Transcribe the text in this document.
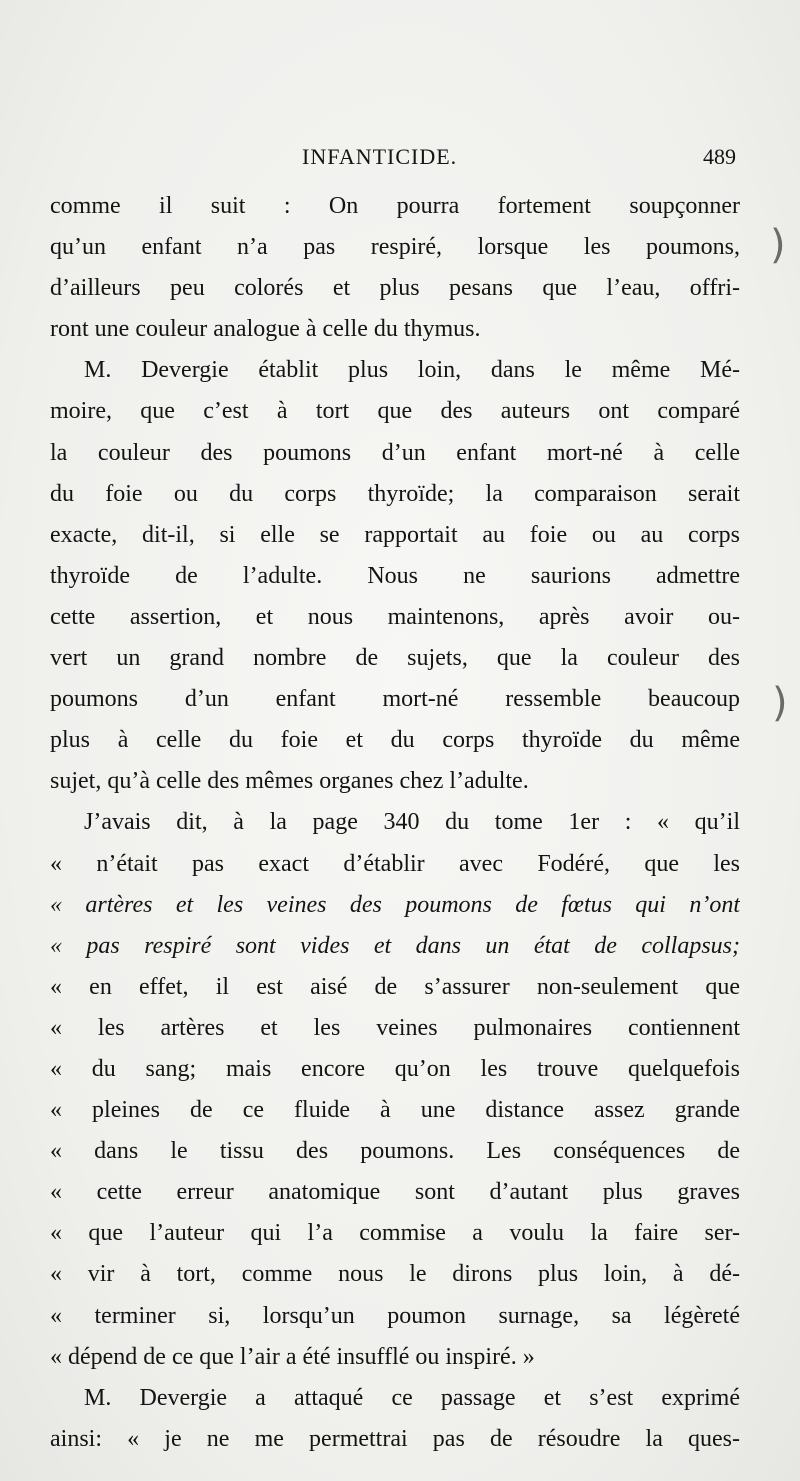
INFANTICIDE.	489
comme il suit : On pourra fortement soupçonner
qu’un enfant n’a pas respiré, lorsque les poumons,
d’ailleurs peu colorés et plus pesans que l’eau, offri-
ront une couleur analogue à celle du thymus.
M. Devergie établit plus loin, dans le même Mé-
moire, que c’est à tort que des auteurs ont comparé
la couleur des poumons d’un enfant mort-né à celle
du foie ou du corps thyroïde; la comparaison serait
exacte, dit-il, si elle se rapportait au foie ou au corps
thyroïde de l’adulte. Nous ne saurions admettre
cette assertion, et nous maintenons, après avoir ou-
vert un grand nombre de sujets, que la couleur des
poumons d’un enfant mort-né ressemble beaucoup
plus à celle du foie et du corps thyroïde du même
sujet, qu’à celle des mêmes organes chez l’adulte.
J’avais dit, à la page 340 du tome 1er : « qu’il
« n’était pas exact d’établir avec Fodéré, que les
« artères et les veines des poumons de fœtus qui n’ont
« pas respiré sont vides et dans un état de collapsus;
« en effet, il est aisé de s’assurer non-seulement que
« les artères et les veines pulmonaires contiennent
« du sang; mais encore qu’on les trouve quelquefois
« pleines de ce fluide à une distance assez grande
« dans le tissu des poumons. Les conséquences de
« cette erreur anatomique sont d’autant plus graves
« que l’auteur qui l’a commise a voulu la faire ser-
« vir à tort, comme nous le dirons plus loin, à dé-
« terminer si, lorsqu’un poumon surnage, sa légèreté
« dépend de ce que l’air a été insufflé ou inspiré. »
M. Devergie a attaqué ce passage et s’est exprimé
ainsi: « je ne me permettrai pas de résoudre la ques-
)
)
